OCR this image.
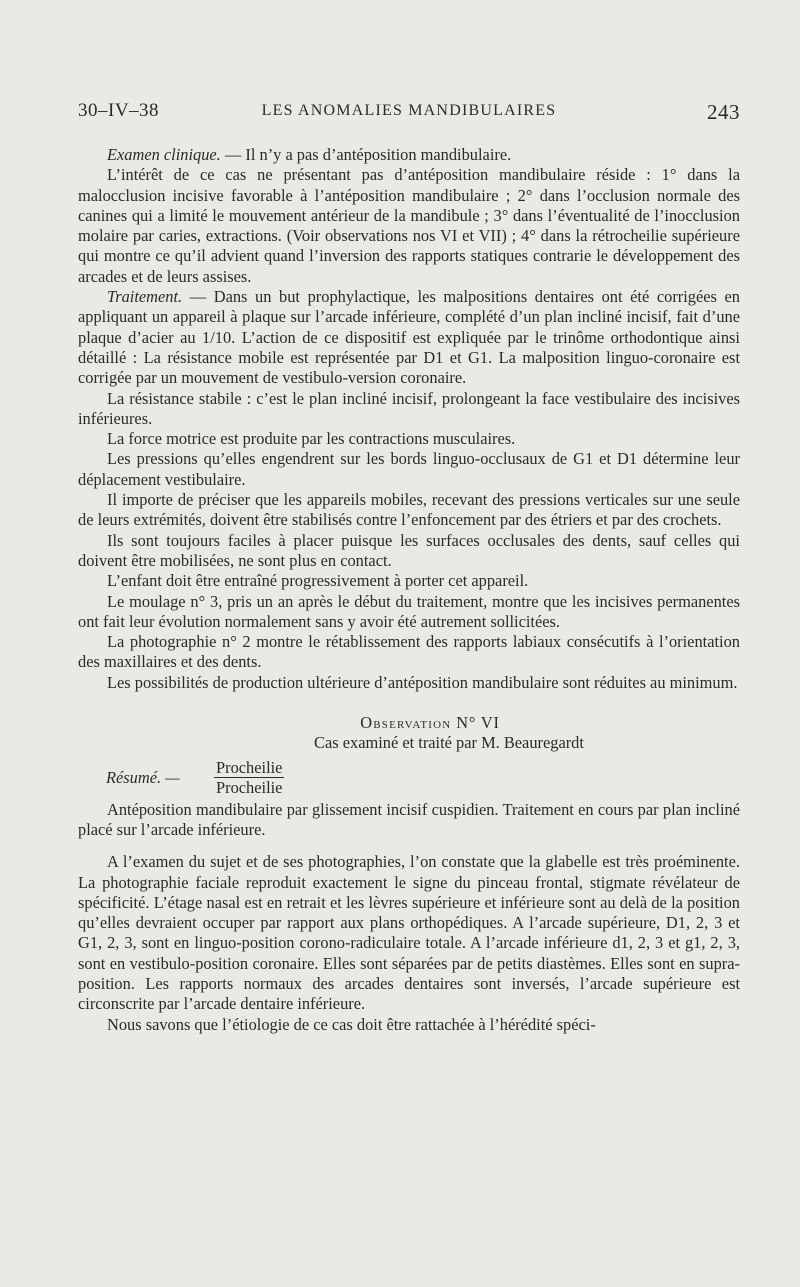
30–IV–38	LES ANOMALIES MANDIBULAIRES	243

Examen clinique. — Il n’y a pas d’antéposition mandibulaire.

L’intérêt de ce cas ne présentant pas d’antéposition mandibulaire réside : 1° dans la malocclusion incisive favorable à l’antéposition mandibulaire ; 2° dans l’occlusion normale des canines qui a limité le mouvement antérieur de la mandibule ; 3° dans l’éventualité de l’inocclusion molaire par caries, extractions. (Voir observations nos VI et VII) ; 4° dans la rétrocheilie supérieure qui montre ce qu’il advient quand l’inversion des rapports statiques contrarie le développement des arcades et de leurs assises.

Traitement. — Dans un but prophylactique, les malpositions dentaires ont été corrigées en appliquant un appareil à plaque sur l’arcade inférieure, complété d’un plan incliné incisif, fait d’une plaque d’acier au 1/10. L’action de ce dispositif est expliquée par le trinôme orthodontique ainsi détaillé : La résistance mobile est représentée par D1 et G1. La malposition linguo-coronaire est corrigée par un mouvement de vestibulo-version coronaire.

La résistance stabile : c’est le plan incliné incisif, prolongeant la face vestibulaire des incisives inférieures.

La force motrice est produite par les contractions musculaires.

Les pressions qu’elles engendrent sur les bords linguo-occlusaux de G1 et D1 détermine leur déplacement vestibulaire.

Il importe de préciser que les appareils mobiles, recevant des pressions verticales sur une seule de leurs extrémités, doivent être stabilisés contre l’enfoncement par des étriers et par des crochets.

Ils sont toujours faciles à placer puisque les surfaces occlusales des dents, sauf celles qui doivent être mobilisées, ne sont plus en contact.

L’enfant doit être entraîné progressivement à porter cet appareil.

Le moulage n° 3, pris un an après le début du traitement, montre que les incisives permanentes ont fait leur évolution normalement sans y avoir été autrement sollicitées.

La photographie n° 2 montre le rétablissement des rapports labiaux consécutifs à l’orientation des maxillaires et des dents.

Les possibilités de production ultérieure d’antéposition mandibulaire sont réduites au minimum.

Observation N° VI

Cas examiné et traité par M. Beauregardt

Résumé. —
Procheilie
Procheilie

Antéposition mandibulaire par glissement incisif cuspidien. Traitement en cours par plan incliné placé sur l’arcade inférieure.

A l’examen du sujet et de ses photographies, l’on constate que la glabelle est très proéminente. La photographie faciale reproduit exactement le signe du pinceau frontal, stigmate révélateur de spécificité. L’étage nasal est en retrait et les lèvres supérieure et inférieure sont au delà de la position qu’elles devraient occuper par rapport aux plans orthopédiques. A l’arcade supérieure, D1, 2, 3 et G1, 2, 3, sont en linguo-position corono-radiculaire totale. A l’arcade inférieure d1, 2, 3 et g1, 2, 3, sont en vestibulo-position coronaire. Elles sont séparées par de petits diastèmes. Elles sont en supra-position. Les rapports normaux des arcades dentaires sont inversés, l’arcade supérieure est circonscrite par l’arcade dentaire inférieure.

Nous savons que l’étiologie de ce cas doit être rattachée à l’hérédité spéci-
